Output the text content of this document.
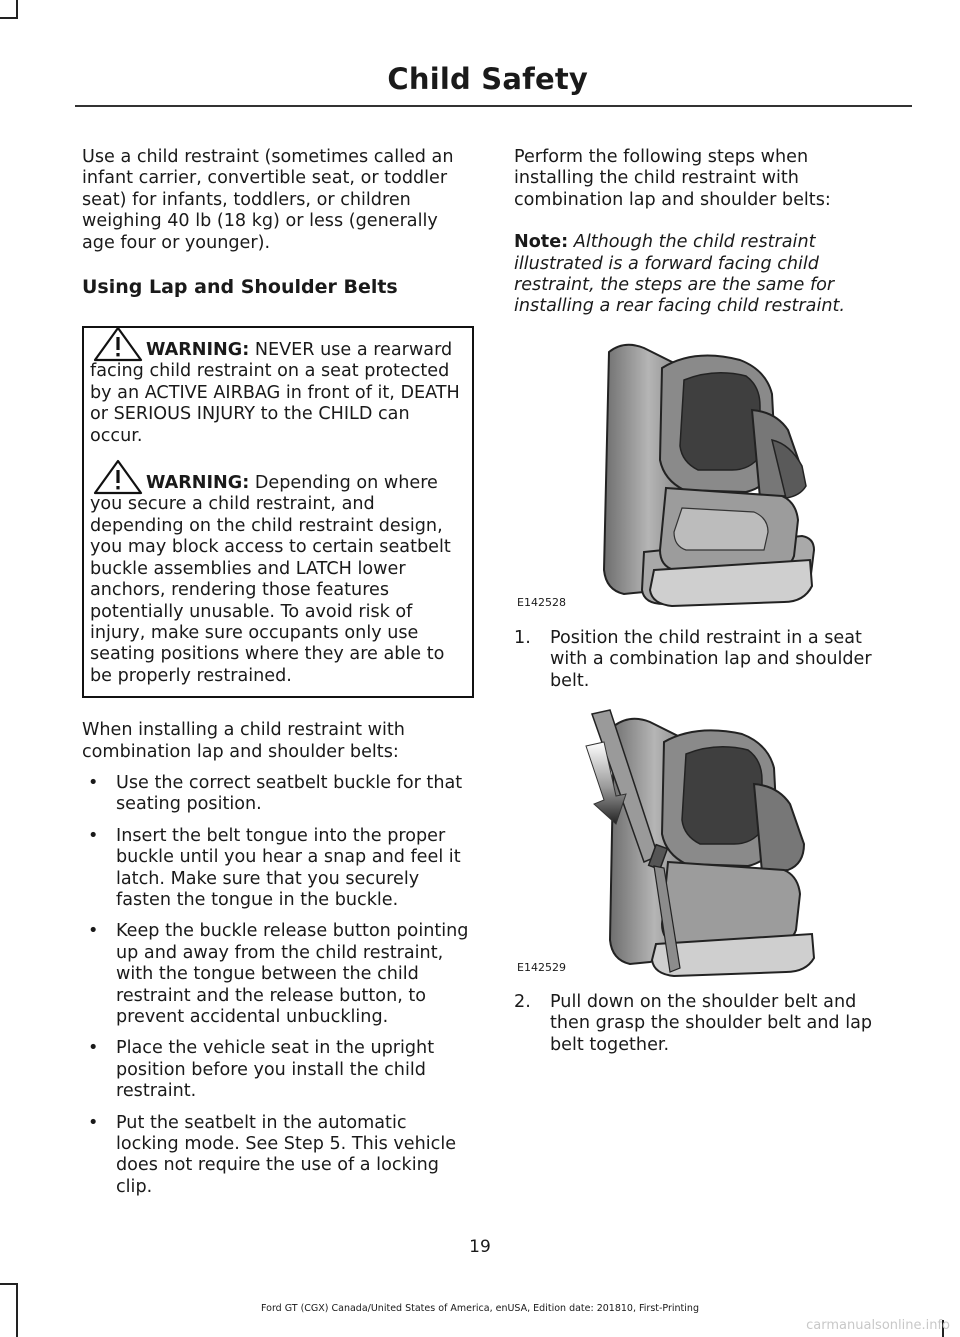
Child Safety

Use a child restraint (sometimes called an infant carrier, convertible seat, or toddler seat) for infants, toddlers, or children weighing 40 lb (18 kg) or less (generally age four or younger).

Using Lap and Shoulder Belts

WARNING: NEVER use a rearward facing child restraint on a seat protected by an ACTIVE AIRBAG in front of it, DEATH or SERIOUS INJURY to the CHILD can occur.

WARNING: Depending on where you secure a child restraint, and depending on the child restraint design, you may block access to certain seatbelt buckle assemblies and LATCH lower anchors, rendering those features potentially unusable. To avoid risk of injury, make sure occupants only use seating positions where they are able to be properly restrained.

When installing a child restraint with combination lap and shoulder belts:

• Use the correct seatbelt buckle for that seating position.
• Insert the belt tongue into the proper buckle until you hear a snap and feel it latch. Make sure that you securely fasten the tongue in the buckle.
• Keep the buckle release button pointing up and away from the child restraint, with the tongue between the child restraint and the release button, to prevent accidental unbuckling.
• Place the vehicle seat in the upright position before you install the child restraint.
• Put the seatbelt in the automatic locking mode. See Step 5. This vehicle does not require the use of a locking clip.

Perform the following steps when installing the child restraint with combination lap and shoulder belts:

Note: Although the child restraint illustrated is a forward facing child restraint, the steps are the same for installing a rear facing child restraint.

E142528
1. Position the child restraint in a seat with a combination lap and shoulder belt.
E142529
2. Pull down on the shoulder belt and then grasp the shoulder belt and lap belt together.
19
Ford GT (CGX) Canada/United States of America, enUSA, Edition date: 201810, First-Printing
carmanualsonline.info
